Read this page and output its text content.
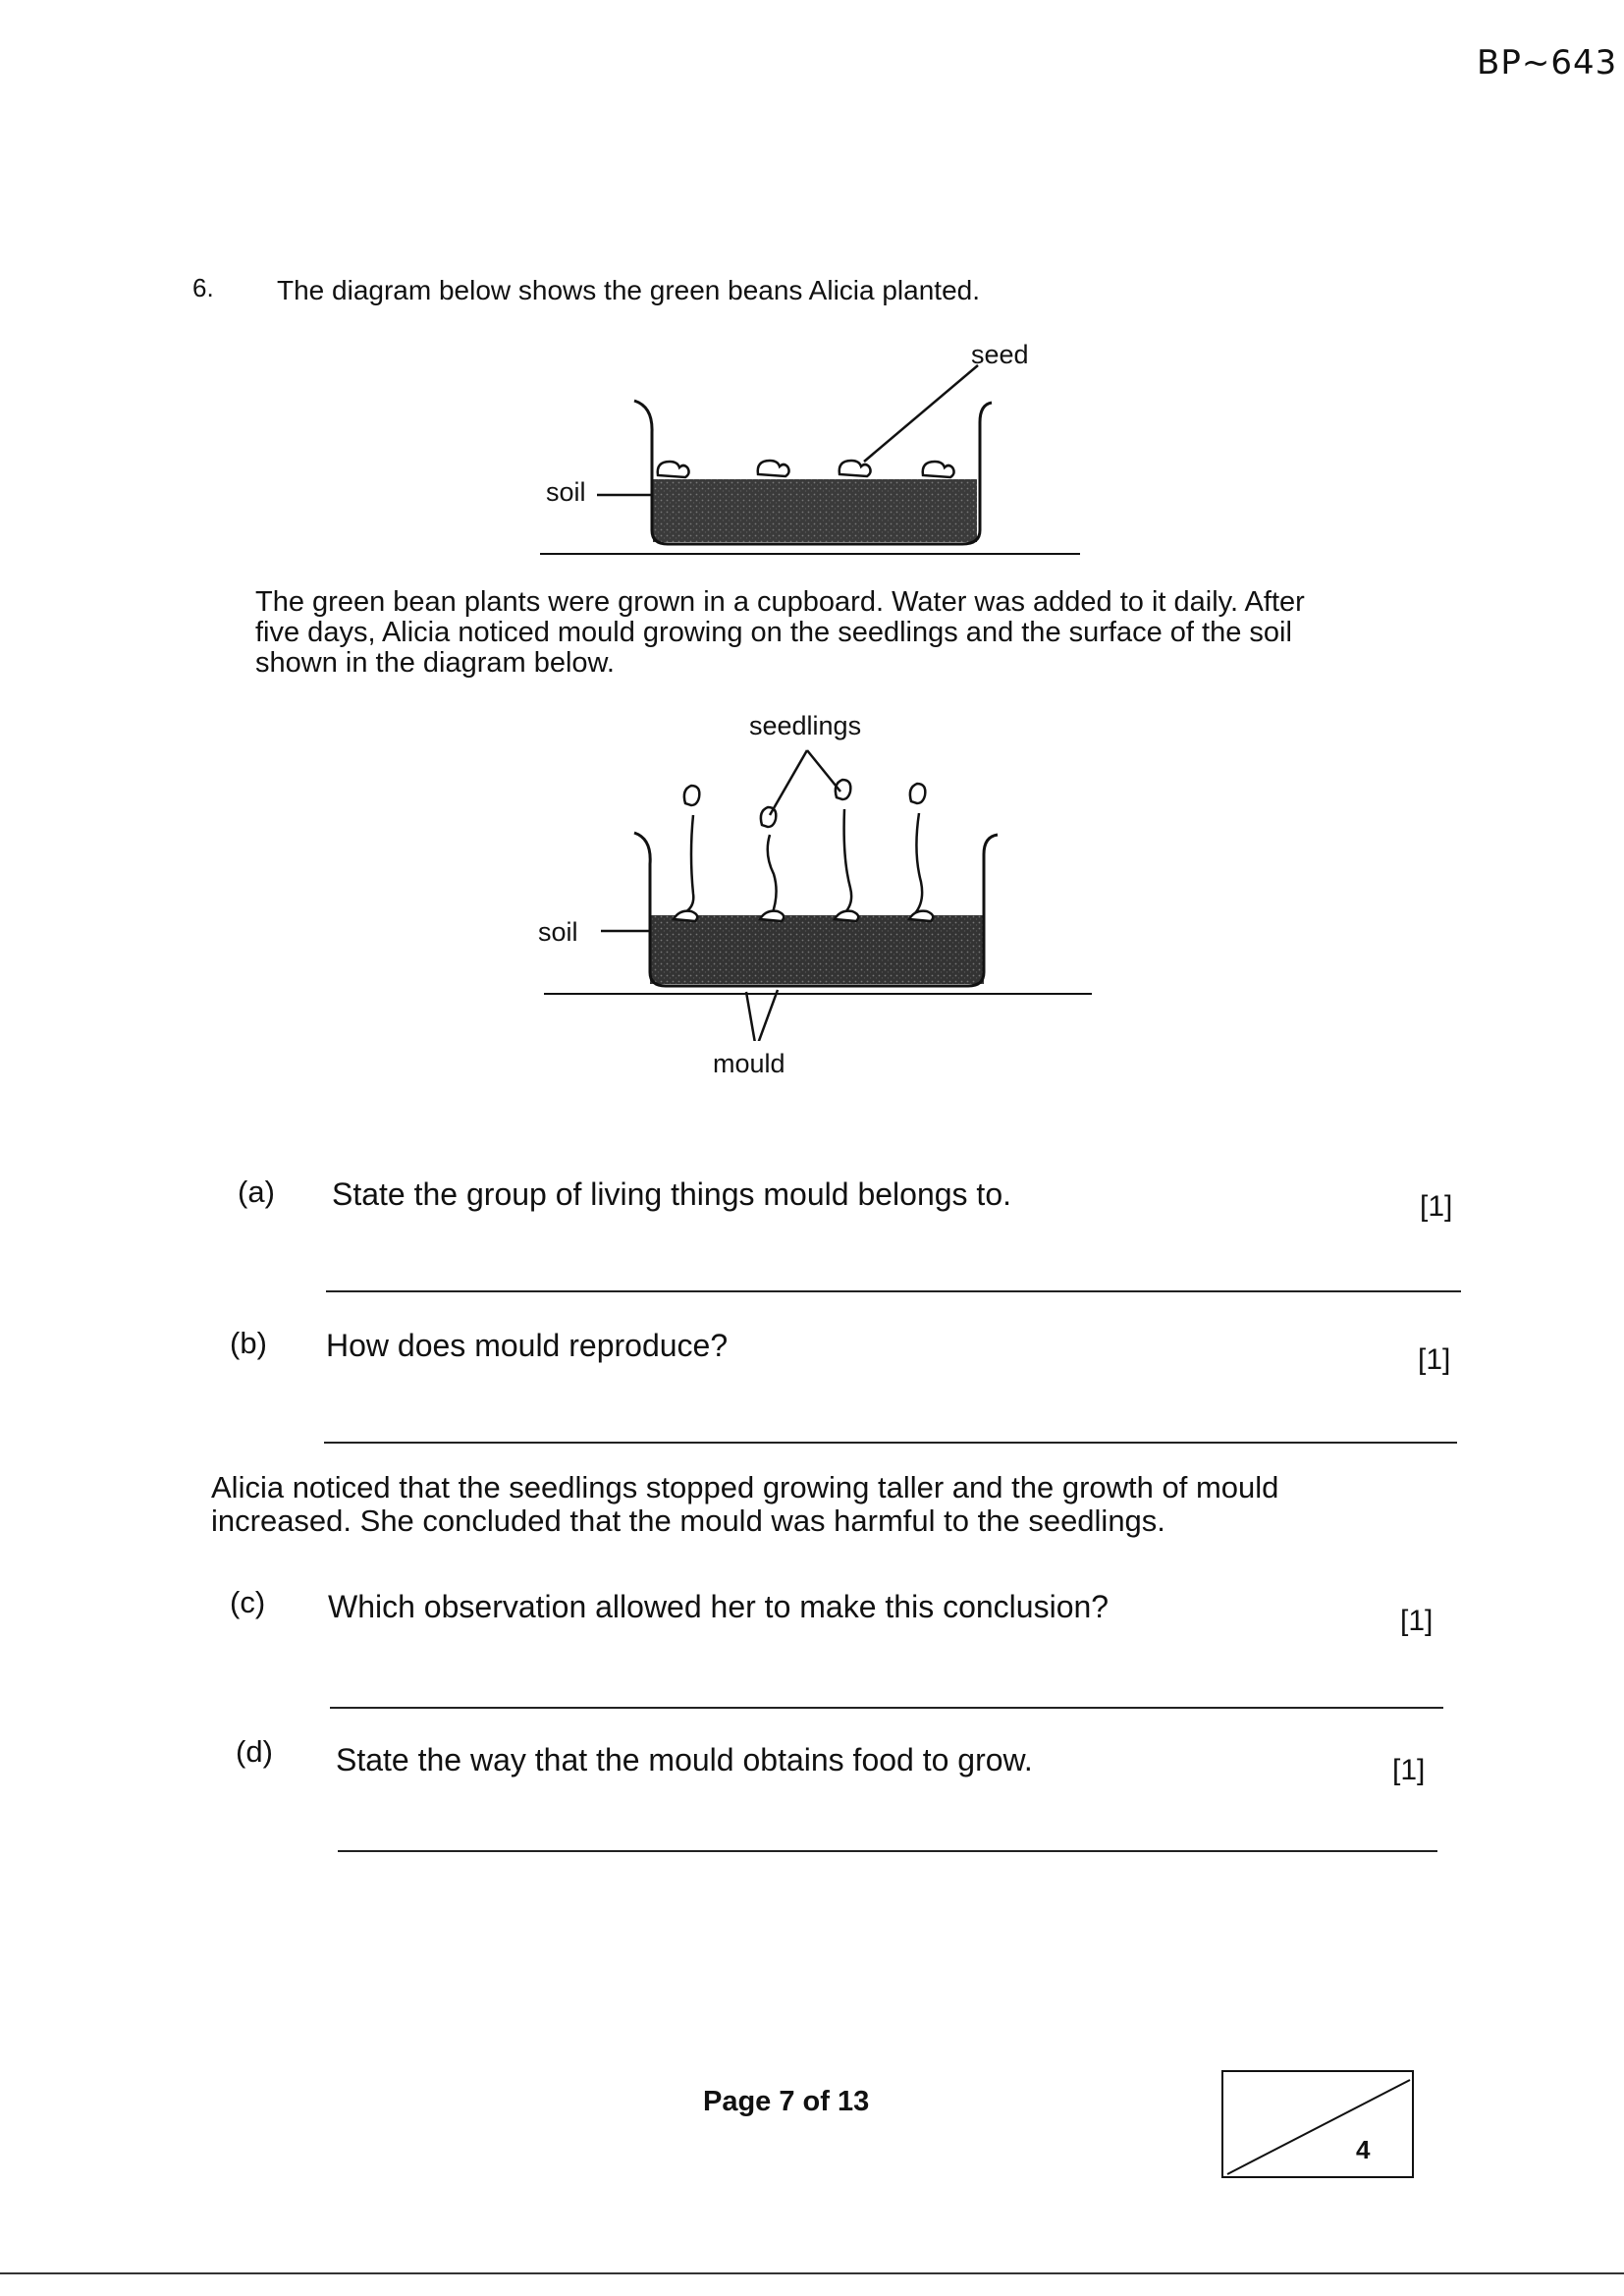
BP~643
6. The diagram below shows the green beans Alicia planted.
seed
soil
The green bean plants were grown in a cupboard. Water was added to it daily. After
five days, Alicia noticed mould growing on the seedlings and the surface of the soil
shown in the diagram below.
seedlings
soil
mould
(a) State the group of living things mould belongs to.	[1]
(b) How does mould reproduce?	[1]
Alicia noticed that the seedlings stopped growing taller and the growth of mould
increased. She concluded that the mould was harmful to the seedlings.
(c) Which observation allowed her to make this conclusion?	[1]
(d) State the way that the mould obtains food to grow.	[1]
Page 7 of 13
4
